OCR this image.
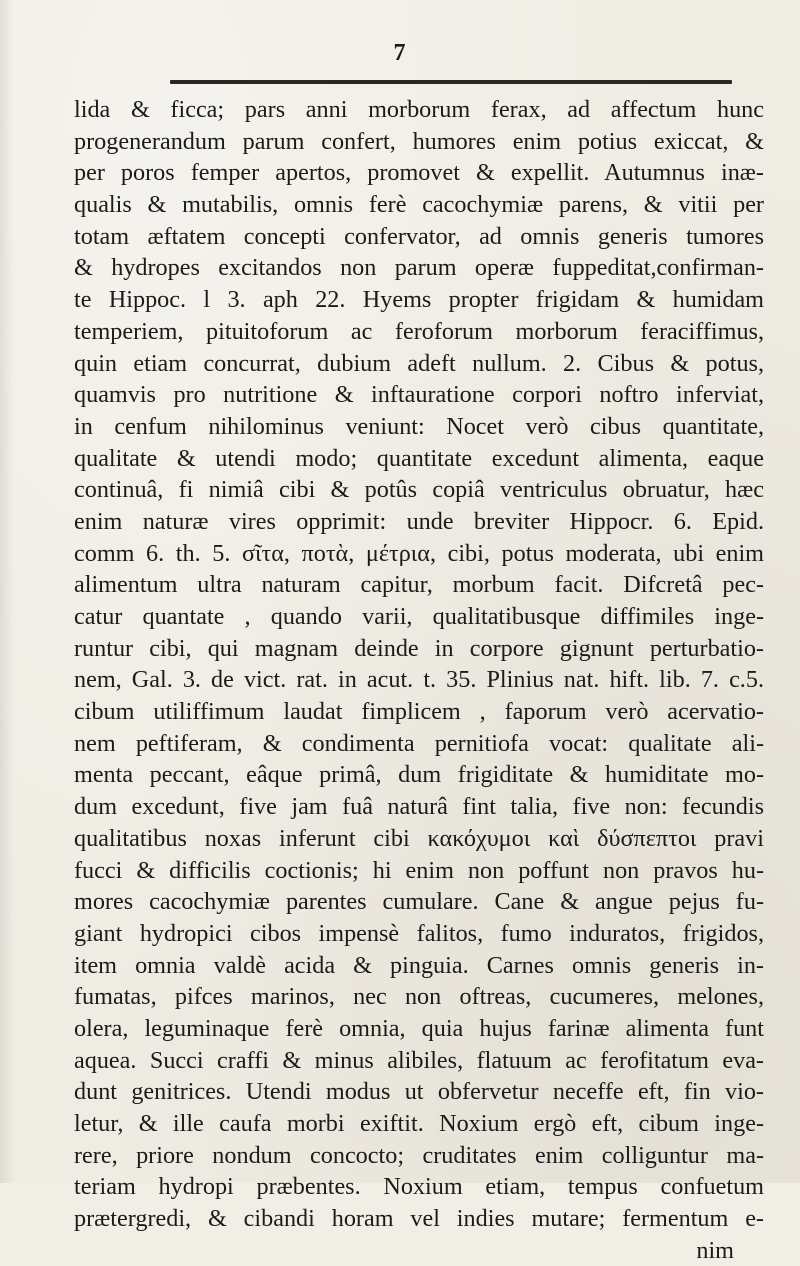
7
lida & ficca; pars anni morborum ferax, ad affectum hunc
progenerandum parum confert, humores enim potius exiccat, &
per poros femper apertos, promovet & expellit. Autumnus inæ-
qualis & mutabilis, omnis ferè cacochymiæ parens, & vitii per
totam æftatem concepti confervator, ad omnis generis tumores
& hydropes excitandos non parum operæ fuppeditat,confirman-
te Hippoc. l 3. aph 22. Hyems propter frigidam & humidam
temperiem, pituitoforum ac feroforum morborum feraciffimus,
quin etiam concurrat, dubium adeft nullum. 2. Cibus & potus,
quamvis pro nutritione & inftauratione corpori noftro inferviat,
in cenfum nihilominus veniunt: Nocet verò cibus quantitate,
qualitate & utendi modo; quantitate excedunt alimenta, eaque
continuâ, fi nimiâ cibi & potûs copiâ ventriculus obruatur, hæc
enim naturæ vires opprimit: unde breviter Hippocr. 6. Epid.
comm 6. th. 5. σῖτα, ποτὰ, μέτρια, cibi, potus moderata, ubi enim
alimentum ultra naturam capitur, morbum facit. Difcretâ pec-
catur quantate , quando varii, qualitatibusque diffimiles inge-
runtur cibi, qui magnam deinde in corpore gignunt perturbatio-
nem, Gal. 3. de vict. rat. in acut. t. 35. Plinius nat. hift. lib. 7. c.5.
cibum utiliffimum laudat fimplicem , faporum verò acervatio-
nem peftiferam, & condimenta pernitiofa vocat: qualitate ali-
menta peccant, eâque primâ, dum frigiditate & humiditate mo-
dum excedunt, five jam fuâ naturâ fint talia, five non: fecundis
qualitatibus noxas inferunt cibi κακόχυμοι καὶ δύσπεπτοι pravi
fucci & difficilis coctionis; hi enim non poffunt non pravos hu-
mores cacochymiæ parentes cumulare. Cane & angue pejus fu-
giant hydropici cibos impensè falitos, fumo induratos, frigidos,
item omnia valdè acida & pinguia. Carnes omnis generis in-
fumatas, pifces marinos, nec non oftreas, cucumeres, melones,
olera, leguminaque ferè omnia, quia hujus farinæ alimenta funt
aquea. Succi craffi & minus alibiles, flatuum ac ferofitatum eva-
dunt genitrices. Utendi modus ut obfervetur neceffe eft, fin vio-
letur, & ille caufa morbi exiftit. Noxium ergò eft, cibum inge-
rere, priore nondum concocto; cruditates enim colliguntur ma-
teriam hydropi præbentes. Noxium etiam, tempus confuetum
prætergredi, & cibandi horam vel indies mutare; fermentum e-
nim
